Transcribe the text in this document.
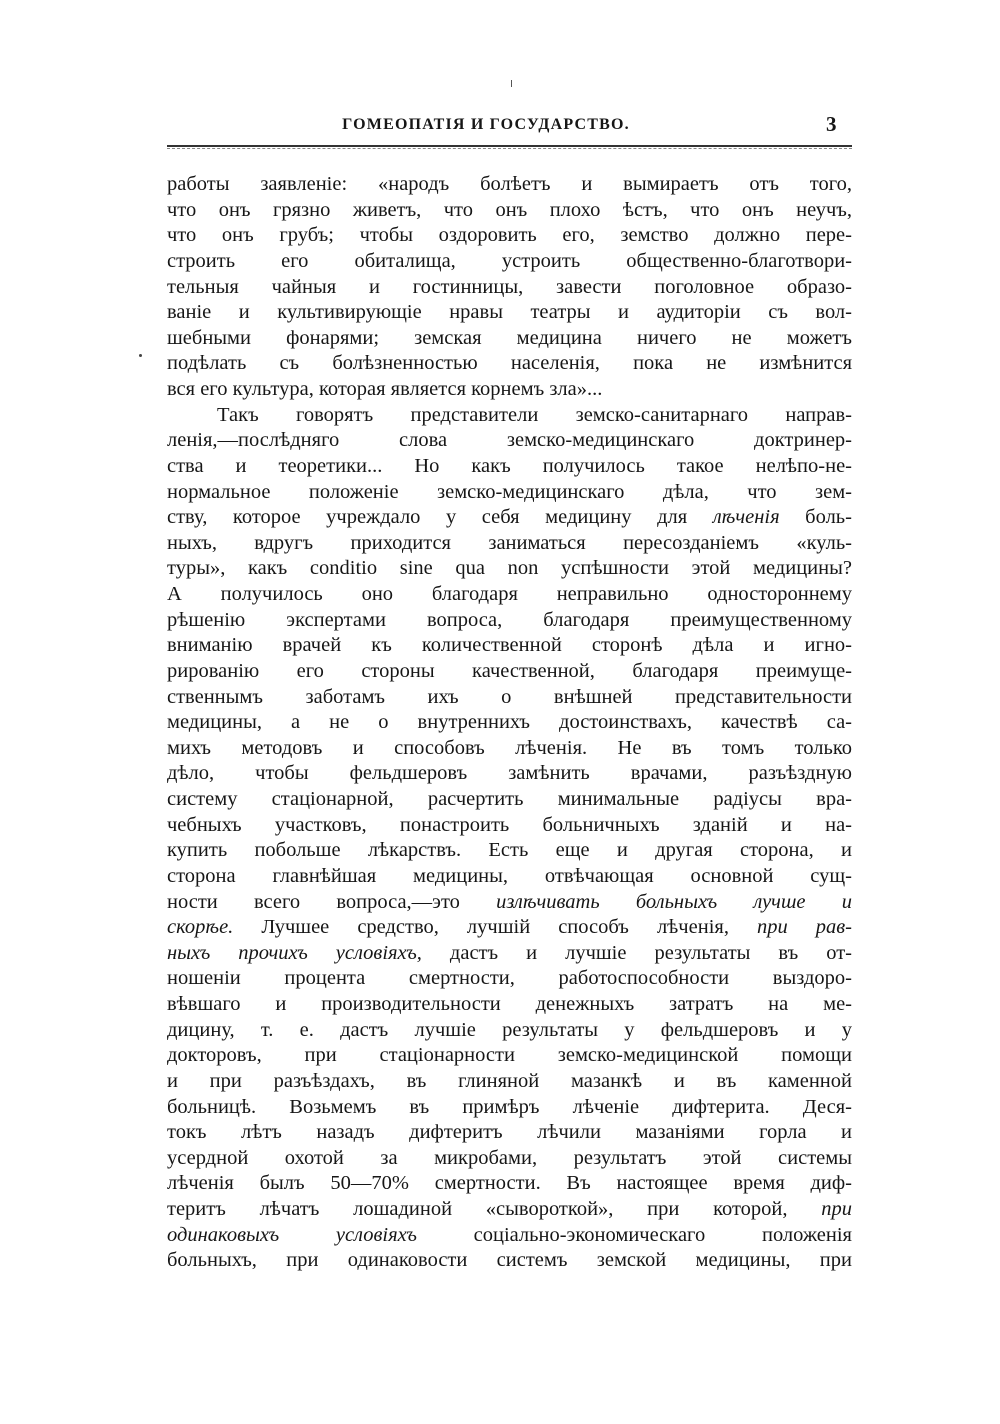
ГОМЕОПАТІЯ И ГОСУДАРСТВО.	3
работы заявленіе: «народъ болѣетъ и вымираетъ отъ того,
что онъ грязно живетъ, что онъ плохо ѣстъ, что онъ неучъ,
что онъ грубъ; чтобы оздоровить его, земство должно пере-
строить его обиталища, устроить общественно-благотвори-
тельныя чайныя и гостинницы, завести поголовное образо-
ваніе и культивирующіе нравы театры и аудиторіи съ вол-
шебными фонарями; земская медицина ничего не можетъ
подѣлать съ болѣзненностью населенія, пока не измѣнится
вся его культура, которая является корнемъ зла»...
Такъ говорятъ представители земско-санитарнаго направ-
ленія,—послѣдняго слова земско-медицинскаго доктринер-
ства и теоретики... Но какъ получилось такое нелѣпо-не-
нормальное положеніе земско-медицинскаго дѣла, что зем-
ству, которое учреждало у себя медицину для лѣченія боль-
ныхъ, вдругъ приходится заниматься пересозданіемъ «куль-
туры», какъ conditio sine qua non успѣшности этой медицины?
А получилось оно благодаря неправильно одностороннему
рѣшенію экспертами вопроса, благодаря преимущественному
вниманію врачей къ количественной сторонѣ дѣла и игно-
рированію его стороны качественной, благодаря преимуще-
ственнымъ заботамъ ихъ о внѣшней представительности
медицины, а не о внутреннихъ достоинствахъ, качествѣ са-
михъ методовъ и способовъ лѣченія. Не въ томъ только
дѣло, чтобы фельдшеровъ замѣнить врачами, разъѣздную
систему стаціонарной, расчертить минимальные радіусы вра-
чебныхъ участковъ, понастроить больничныхъ зданій и на-
купить побольше лѣкарствъ. Есть еще и другая сторона, и
сторона главнѣйшая медицины, отвѣчающая основной сущ-
ности всего вопроса,—это излѣчивать больныхъ лучше и
скорѣе. Лучшее средство, лучшій способъ лѣченія, при рав-
ныхъ прочихъ условіяхъ, дастъ и лучшіе результаты въ от-
ношеніи процента смертности, работоспособности выздоро-
вѣвшаго и производительности денежныхъ затратъ на ме-
дицину, т. е. дастъ лучшіе результаты у фельдшеровъ и у
докторовъ, при стаціонарности земско-медицинской помощи
и при разъѣздахъ, въ глиняной мазанкѣ и въ каменной
больницѣ. Возьмемъ въ примѣръ лѣченіе дифтерита. Деся-
токъ лѣтъ назадъ дифтеритъ лѣчили мазаніями горла и
усердной охотой за микробами, результатъ этой системы
лѣченія былъ 50—70% смертности. Въ настоящее время диф-
теритъ лѣчатъ лошадиной «сывороткой», при которой, при
одинаковыхъ условіяхъ соціально-экономическаго положенія
больныхъ, при одинаковости системъ земской медицины, при
